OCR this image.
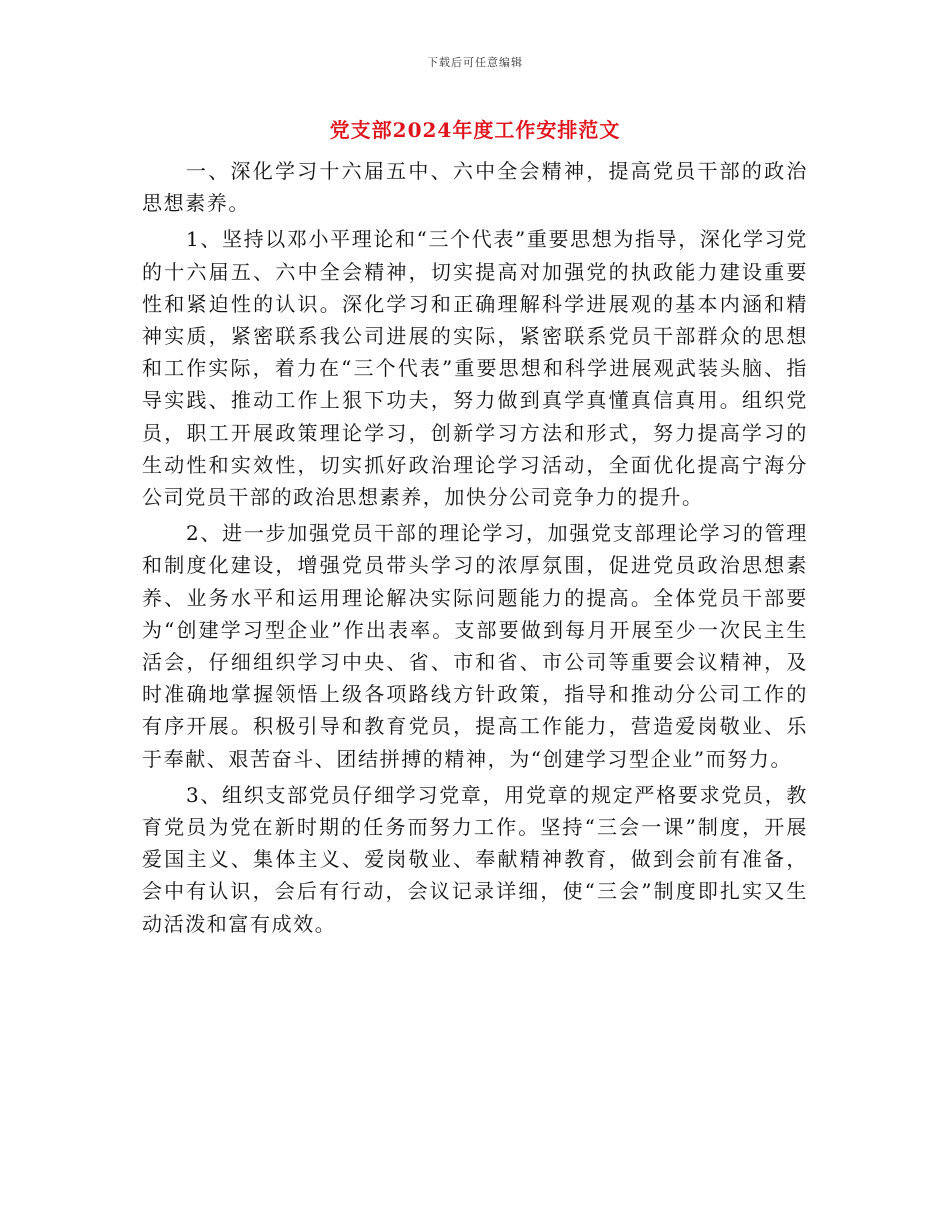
下载后可任意编辑
党支部2024年度工作安排范文

一、深化学习十六届五中、六中全会精神，提高党员干部的政治思想素养。

1、坚持以邓小平理论和“三个代表”重要思想为指导，深化学习党的十六届五、六中全会精神，切实提高对加强党的执政能力建设重要性和紧迫性的认识。深化学习和正确理解科学进展观的基本内涵和精神实质，紧密联系我公司进展的实际，紧密联系党员干部群众的思想和工作实际，着力在“三个代表”重要思想和科学进展观武装头脑、指导实践、推动工作上狠下功夫，努力做到真学真懂真信真用。组织党员，职工开展政策理论学习，创新学习方法和形式，努力提高学习的生动性和实效性，切实抓好政治理论学习活动，全面优化提高宁海分公司党员干部的政治思想素养，加快分公司竞争力的提升。

2、进一步加强党员干部的理论学习，加强党支部理论学习的管理和制度化建设，增强党员带头学习的浓厚氛围，促进党员政治思想素养、业务水平和运用理论解决实际问题能力的提高。全体党员干部要为“创建学习型企业”作出表率。支部要做到每月开展至少一次民主生活会，仔细组织学习中央、省、市和省、市公司等重要会议精神，及时准确地掌握领悟上级各项路线方针政策，指导和推动分公司工作的有序开展。积极引导和教育党员，提高工作能力，营造爱岗敬业、乐于奉献、艰苦奋斗、团结拼搏的精神，为“创建学习型企业”而努力。

3、组织支部党员仔细学习党章，用党章的规定严格要求党员，教育党员为党在新时期的任务而努力工作。坚持“三会一课”制度，开展爱国主义、集体主义、爱岗敬业、奉献精神教育，做到会前有准备，会中有认识，会后有行动，会议记录详细，使“三会”制度即扎实又生动活泼和富有成效。
